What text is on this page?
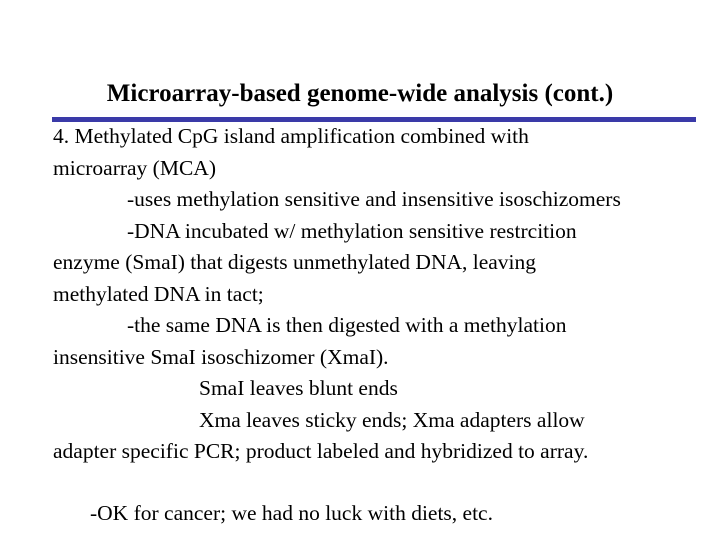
Microarray-based genome-wide analysis (cont.)
4. Methylated CpG island amplification combined with
microarray (MCA)
-uses methylation sensitive and insensitive isoschizomers
-DNA incubated w/ methylation sensitive restrcition
enzyme (SmaI) that digests unmethylated DNA, leaving
methylated DNA in tact;
-the same DNA is then digested with a methylation
insensitive SmaI isoschizomer (XmaI).
SmaI leaves blunt ends
Xma leaves sticky ends; Xma adapters allow
adapter specific PCR; product labeled and hybridized to array.
-OK for cancer; we had no luck with diets, etc.
